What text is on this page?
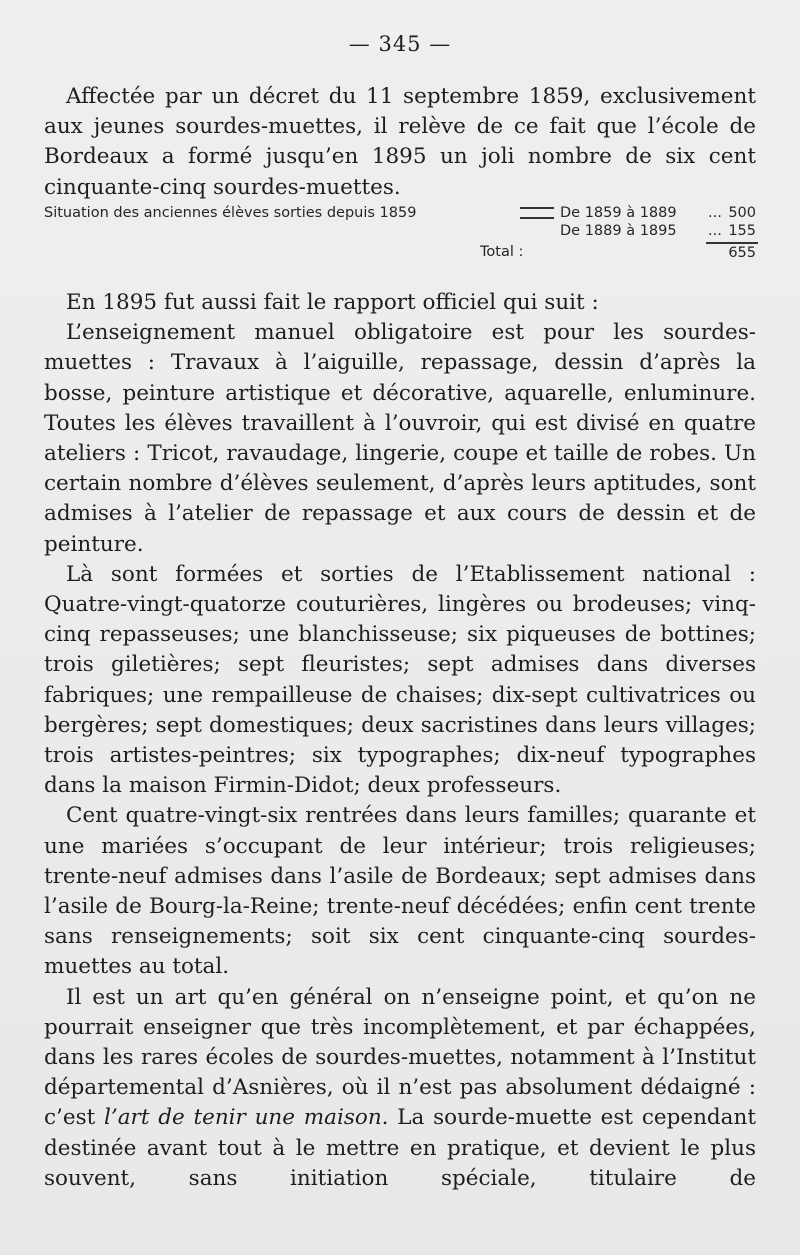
— 345 —

Affectée par un décret du 11 septembre 1859, exclusivement aux jeunes sourdes-muettes, il relève de ce fait que l’école de Bordeaux a formé jusqu’en 1895 un joli nombre de six cent cinquante-cinq sourdes-muettes.

Situation des anciennes élèves sorties depuis 1859	De 1859 à 1889 ... 500
De 1889 à 1895 ... 155
Total :	655

En 1895 fut aussi fait le rapport officiel qui suit :

L’enseignement manuel obligatoire est pour les sourdes-muettes : Travaux à l’aiguille, repassage, dessin d’après la bosse, peinture artistique et décorative, aquarelle, enluminure. Toutes les élèves travaillent à l’ouvroir, qui est divisé en quatre ateliers : Tricot, ravaudage, lingerie, coupe et taille de robes. Un certain nombre d’élèves seulement, d’après leurs aptitudes, sont admises à l’atelier de repassage et aux cours de dessin et de peinture.

Là sont formées et sorties de l’Etablissement national : Quatre-vingt-quatorze couturières, lingères ou brodeuses; vinq-cinq repasseuses; une blanchisseuse; six piqueuses de bottines; trois giletières; sept fleuristes; sept admises dans diverses fabriques; une rempailleuse de chaises; dix-sept cultivatrices ou bergères; sept domestiques; deux sacristines dans leurs villages; trois artistes-peintres; six typographes; dix-neuf typographes dans la maison Firmin-Didot; deux professeurs.

Cent quatre-vingt-six rentrées dans leurs familles; quarante et une mariées s’occupant de leur intérieur; trois religieuses; trente-neuf admises dans l’asile de Bordeaux; sept admises dans l’asile de Bourg-la-Reine; trente-neuf décédées; enfin cent trente sans renseignements; soit six cent cinquante-cinq sourdes-muettes au total.

Il est un art qu’en général on n’enseigne point, et qu’on ne pourrait enseigner que très incomplètement, et par échappées, dans les rares écoles de sourdes-muettes, notamment à l’Institut départemental d’Asnières, où il n’est pas absolument dédaigné : c’est l’art de tenir une maison. La sourde-muette est cependant destinée avant tout à le mettre en pratique, et devient le plus souvent, sans initiation spéciale, titulaire de
